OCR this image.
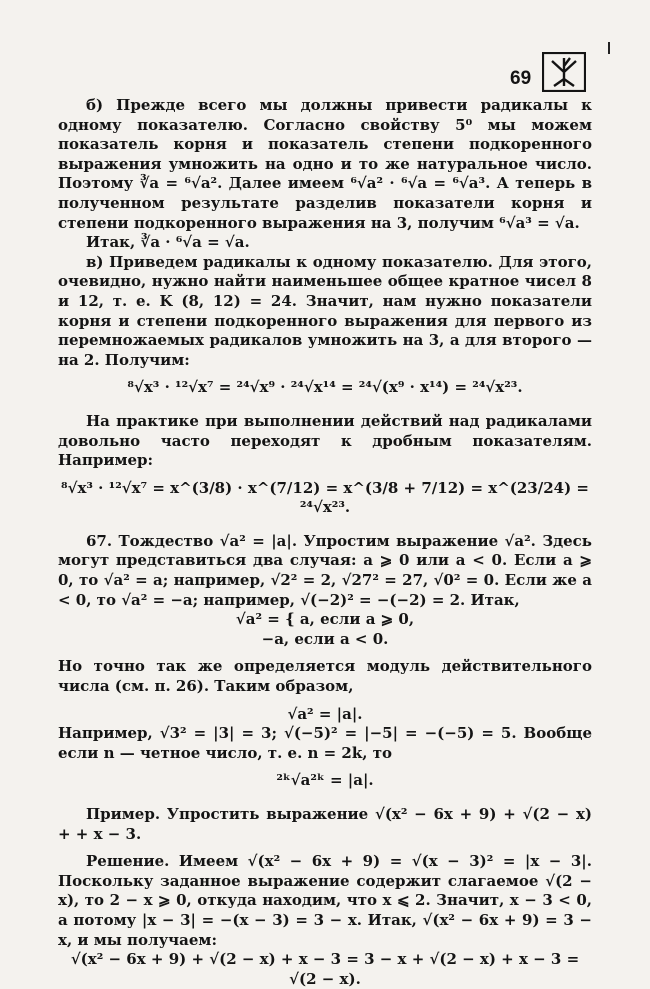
69

б) Прежде всего мы должны привести радикалы к одному показателю. Согласно свойству 5⁰ мы можем показатель корня и показатель степени подкоренного выражения умножить на одно и то же натуральное число. Поэтому ∛a = ⁶√a². Далее имеем ⁶√a² · ⁶√a = ⁶√a³. А теперь в полученном результате разделив показатели корня и степени подкоренного выражения на 3, получим ⁶√a³ = √a.

Итак, ∛a · ⁶√a = √a.

в) Приведем радикалы к одному показателю. Для этого, очевидно, нужно найти наименьшее общее кратное чисел 8 и 12, т. е. K (8, 12) = 24. Значит, нам нужно показатели корня и степени подкоренного выражения для первого из перемножаемых радикалов умножить на 3, а для второго — на 2. Получим:

⁸√x³ · ¹²√x⁷ = ²⁴√x⁹ · ²⁴√x¹⁴ = ²⁴√(x⁹ · x¹⁴) = ²⁴√x²³.

На практике при выполнении действий над радикалами довольно часто переходят к дробным показателям. Например:

⁸√x³ · ¹²√x⁷ = x^(3/8) · x^(7/12) = x^(3/8 + 7/12) = x^(23/24) = ²⁴√x²³.

67. Тождество √a² = |a|. Упростим выражение √a². Здесь могут представиться два случая: a ⩾ 0 или a < 0. Если a ⩾ 0, то √a² = a; например, √2² = 2, √27² = 27, √0² = 0. Если же a < 0, то √a² = −a; например, √(−2)² = −(−2) = 2. Итак,

√a² = { a, если a ⩾ 0,

−a, если a < 0.

Но точно так же определяется модуль действительного числа (см. п. 26). Таким образом,

√a² = |a|.

Например, √3² = |3| = 3; √(−5)² = |−5| = −(−5) = 5. Вообще если n — четное число, т. е. n = 2k, то

²ᵏ√a²ᵏ = |a|.

Пример. Упростить выражение √(x² − 6x + 9) + √(2 − x) + + x − 3.

Решение. Имеем √(x² − 6x + 9) = √(x − 3)² = |x − 3|. Поскольку заданное выражение содержит слагаемое √(2 − x), то 2 − x ⩾ 0, откуда находим, что x ⩽ 2. Значит, x − 3 < 0, а потому |x − 3| = −(x − 3) = 3 − x. Итак, √(x² − 6x + 9) = 3 − x, и мы получаем:

√(x² − 6x + 9) + √(2 − x) + x − 3 = 3 − x + √(2 − x) + x − 3 = √(2 − x).
